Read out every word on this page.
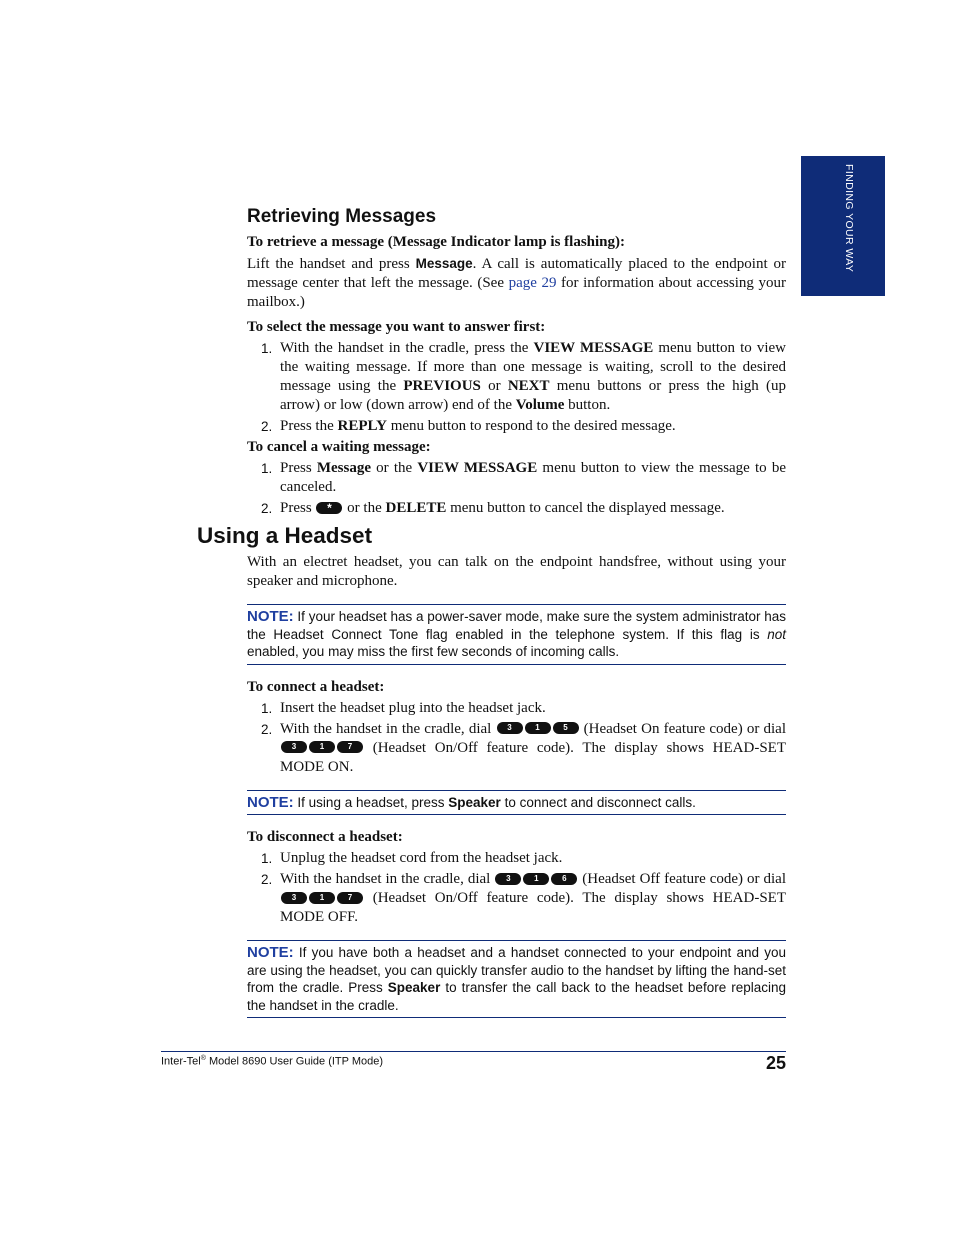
FINDING YOUR WAY
Retrieving Messages

To retrieve a message (Message Indicator lamp is flashing):

Lift the handset and press Message. A call is automatically placed to the endpoint or message center that left the message. (See page 29 for information about accessing your mailbox.)

To select the message you want to answer first:

1. With the handset in the cradle, press the VIEW MESSAGE menu button to view the waiting message. If more than one message is waiting, scroll to the desired message using the PREVIOUS or NEXT menu buttons or press the high (up arrow) or low (down arrow) end of the Volume button.
2. Press the REPLY menu button to respond to the desired message.

To cancel a waiting message:

1. Press Message or the VIEW MESSAGE menu button to view the message to be canceled.
2. Press * or the DELETE menu button to cancel the displayed message.
Using a Headset

With an electret headset, you can talk on the endpoint handsfree, without using your speaker and microphone.

NOTE: If your headset has a power-saver mode, make sure the system administrator has the Headset Connect Tone flag enabled in the telephone system. If this flag is not enabled, you may miss the first few seconds of incoming calls.

To connect a headset:

1. Insert the headset plug into the headset jack.
2. With the handset in the cradle, dial 3	1	5 (Headset On feature code) or dial 3	1	7 (Headset On/Off feature code). The display shows HEAD-SET MODE ON.
NOTE: If using a headset, press Speaker to connect and disconnect calls.

To disconnect a headset:

1. Unplug the headset cord from the headset jack.
2. With the handset in the cradle, dial 3	1	6 (Headset Off feature code) or dial 3	1	7 (Headset On/Off feature code). The display shows HEAD-SET MODE OFF.
NOTE: If you have both a headset and a handset connected to your endpoint and you are using the headset, you can quickly transfer audio to the handset by lifting the hand-set from the cradle. Press Speaker to transfer the call back to the headset before replacing the handset in the cradle.
Inter-Tel® Model 8690 User Guide (ITP Mode)	25
